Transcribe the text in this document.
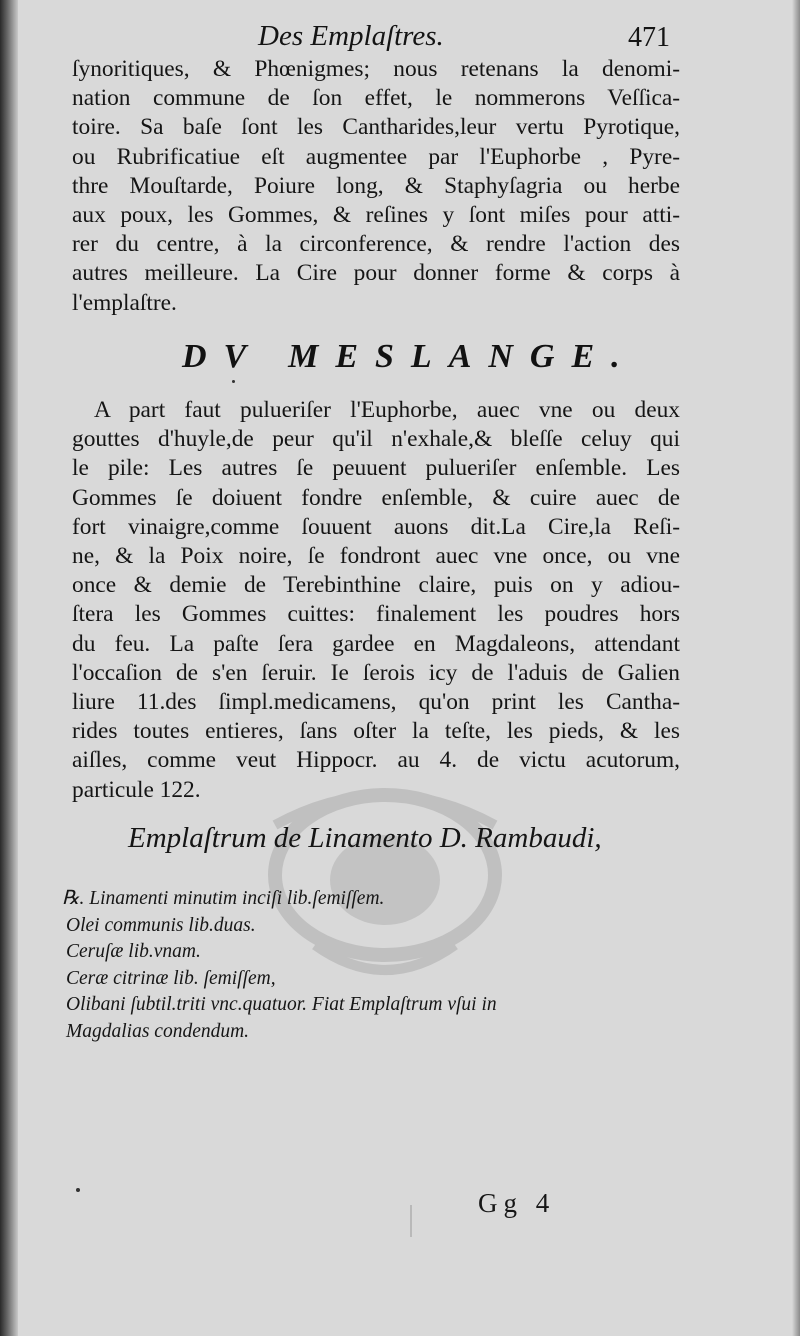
Des Emplaſtres.	471
ſynoritiques, & Phœnigmes; nous retenans la denomi-
nation commune de ſon effet, le nommerons Veſſica-
toire. Sa baſe ſont les Cantharides,leur vertu Pyrotique,
ou Rubrificatiue eſt augmentee par l'Euphorbe , Pyre-
thre Mouſtarde, Poiure long, & Staphyſagria ou herbe
aux poux, les Gommes, & reſines y ſont miſes pour atti-
rer du centre, à la circonference, & rendre l'action des
autres meilleure. La Cire pour donner forme & corps à
l'emplaſtre.
DV MESLANGE.
A part faut pulueriſer l'Euphorbe, auec vne ou deux
gouttes d'huyle,de peur qu'il n'exhale,& bleſſe celuy qui
le pile: Les autres ſe peuuent pulueriſer enſemble. Les
Gommes ſe doiuent fondre enſemble, & cuire auec de
fort vinaigre,comme ſouuent auons dit.La Cire,la Reſi-
ne, & la Poix noire, ſe fondront auec vne once, ou vne
once & demie de Terebinthine claire, puis on y adiou-
ſtera les Gommes cuittes: finalement les poudres hors
du feu. La paſte ſera gardee en Magdaleons, attendant
l'occaſion de s'en ſeruir. Ie ſerois icy de l'aduis de Galien
liure 11.des ſimpl.medicamens, qu'on print les Cantha-
rides toutes entieres, ſans oſter la teſte, les pieds, & les
aiſles, comme veut Hippocr. au 4. de victu acutorum,
particule 122.
Emplaſtrum de Linamento D. Rambaudi,
℞. Linamenti minutim inciſi lib.ſemiſſem.
Olei communis lib.duas.
Ceruſæ lib.vnam.
Ceræ citrinæ lib. ſemiſſem,
Olibani ſubtil.triti vnc.quatuor. Fiat Emplaſtrum vſui in
Magdalias condendum.
Gg 4
